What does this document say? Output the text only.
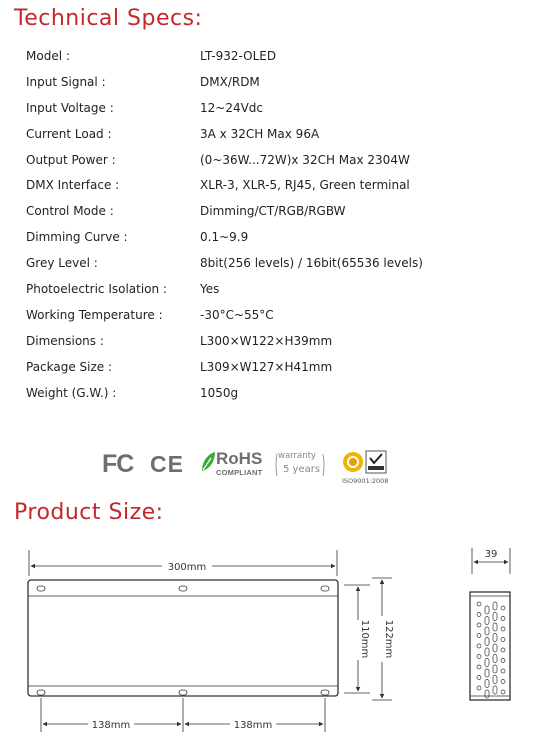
Technical Specs:
Model :	LT-932-OLED
Input Signal :	DMX/RDM
Input Voltage :	12~24Vdc
Current Load :	3A x 32CH Max 96A
Output Power :	(0~36W...72W)x 32CH Max 2304W
DMX Interface :	XLR-3, XLR-5, RJ45, Green terminal
Control Mode :	Dimming/CT/RGB/RGBW
Dimming Curve :	0.1~9.9
Grey Level :	8bit(256 levels) / 16bit(65536 levels)
Photoelectric Isolation :	Yes
Working Temperature :	-30°C~55°C
Dimensions :	L300×W122×H39mm
Package Size :	L309×W127×H41mm
Weight (G.W.) :	1050g
FC CE RoHS
COMPLIANT
warranty
5 years
ISO9001:2008
Product Size:
300mm
138mm	138mm
110mm 122mm
39
